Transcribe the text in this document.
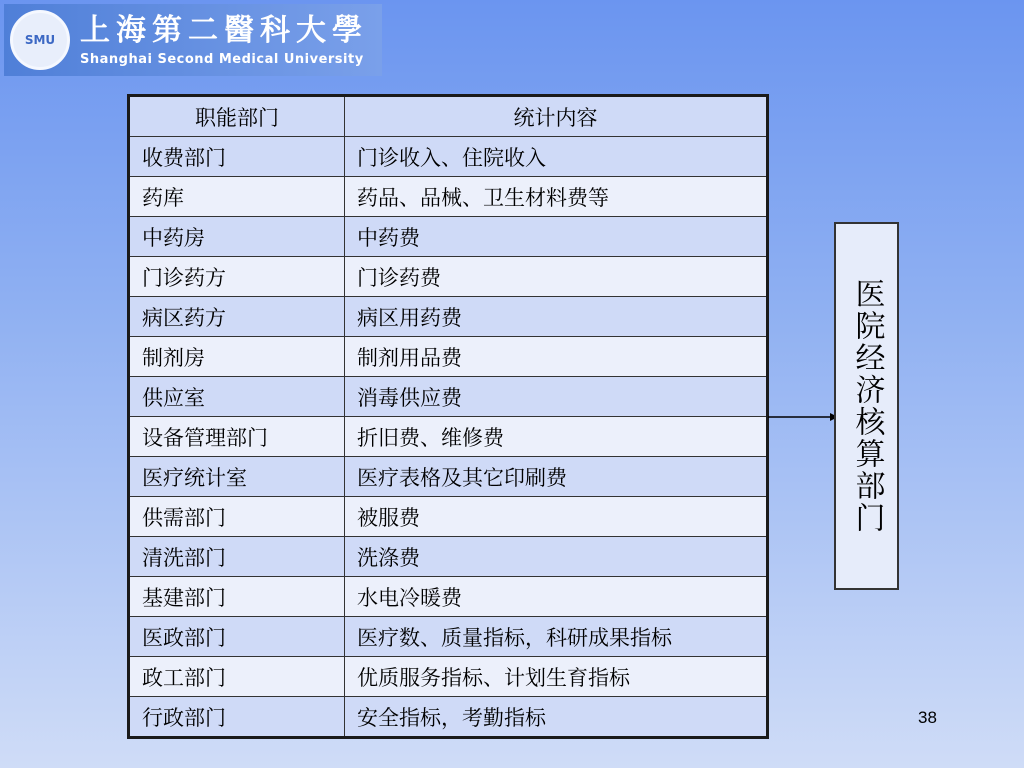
SMU 上海第二醫科大學
Shanghai Second Medical University
职能部门	统计内容
收费部门	门诊收入、住院收入
药库	药品、品械、卫生材料费等
中药房	中药费
门诊药方	门诊药费
病区药方	病区用药费
制剂房	制剂用品费
供应室	消毒供应费
设备管理部门	折旧费、维修费
医疗统计室	医疗表格及其它印刷费
供需部门	被服费
清洗部门	洗涤费
基建部门	水电冷暖费
医政部门	医疗数、质量指标，科研成果指标
政工部门	优质服务指标、计划生育指标
行政部门	安全指标，考勤指标
医院经济核算部门
38
